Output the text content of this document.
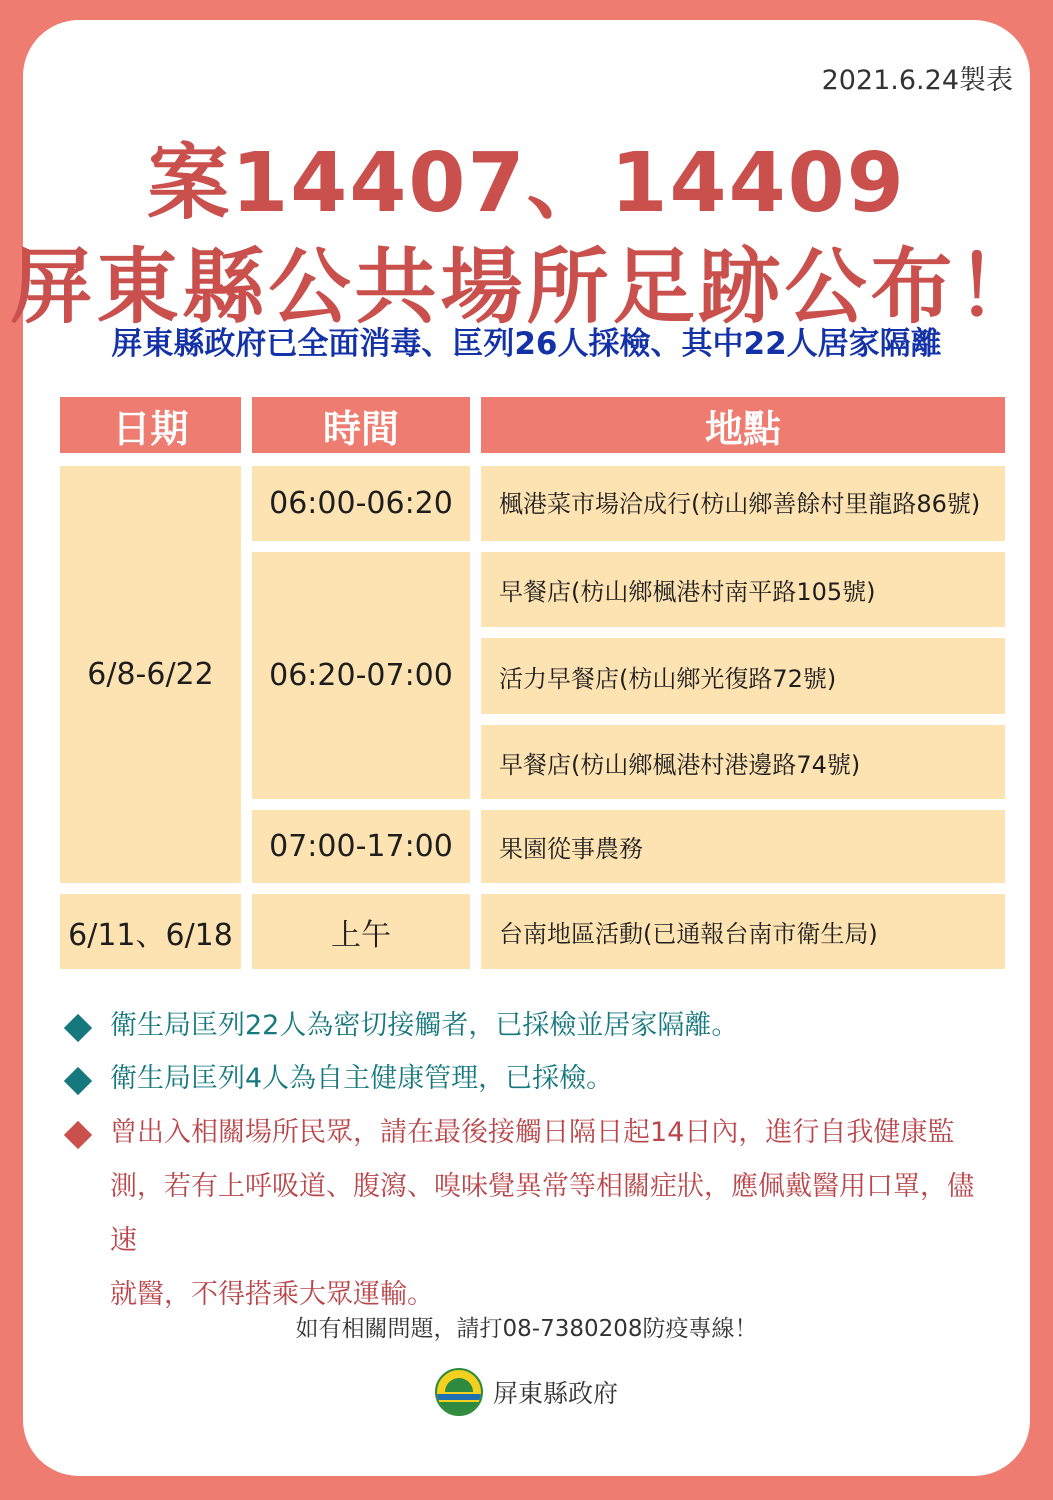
2021.6.24製表
案14407、14409
屏東縣公共場所足跡公布！
屏東縣政府已全面消毒、匡列26人採檢、其中22人居家隔離
日期	時間	地點
6/8-6/22
6/11、6/18
06:00-06:20
06:20-07:00
07:00-17:00
上午
楓港菜市場洽成行(枋山鄉善餘村里龍路86號)
早餐店(枋山鄉楓港村南平路105號)
活力早餐店(枋山鄉光復路72號)
早餐店(枋山鄉楓港村港邊路74號)
果園從事農務
台南地區活動(已通報台南市衛生局)
衛生局匡列22人為密切接觸者，已採檢並居家隔離。
衛生局匡列4人為自主健康管理，已採檢。
曾出入相關場所民眾，請在最後接觸日隔日起14日內，進行自我健康監
測，若有上呼吸道、腹瀉、嗅味覺異常等相關症狀，應佩戴醫用口罩，儘速
就醫，不得搭乘大眾運輸。
如有相關問題，請打08-7380208防疫專線！
屏東縣政府
